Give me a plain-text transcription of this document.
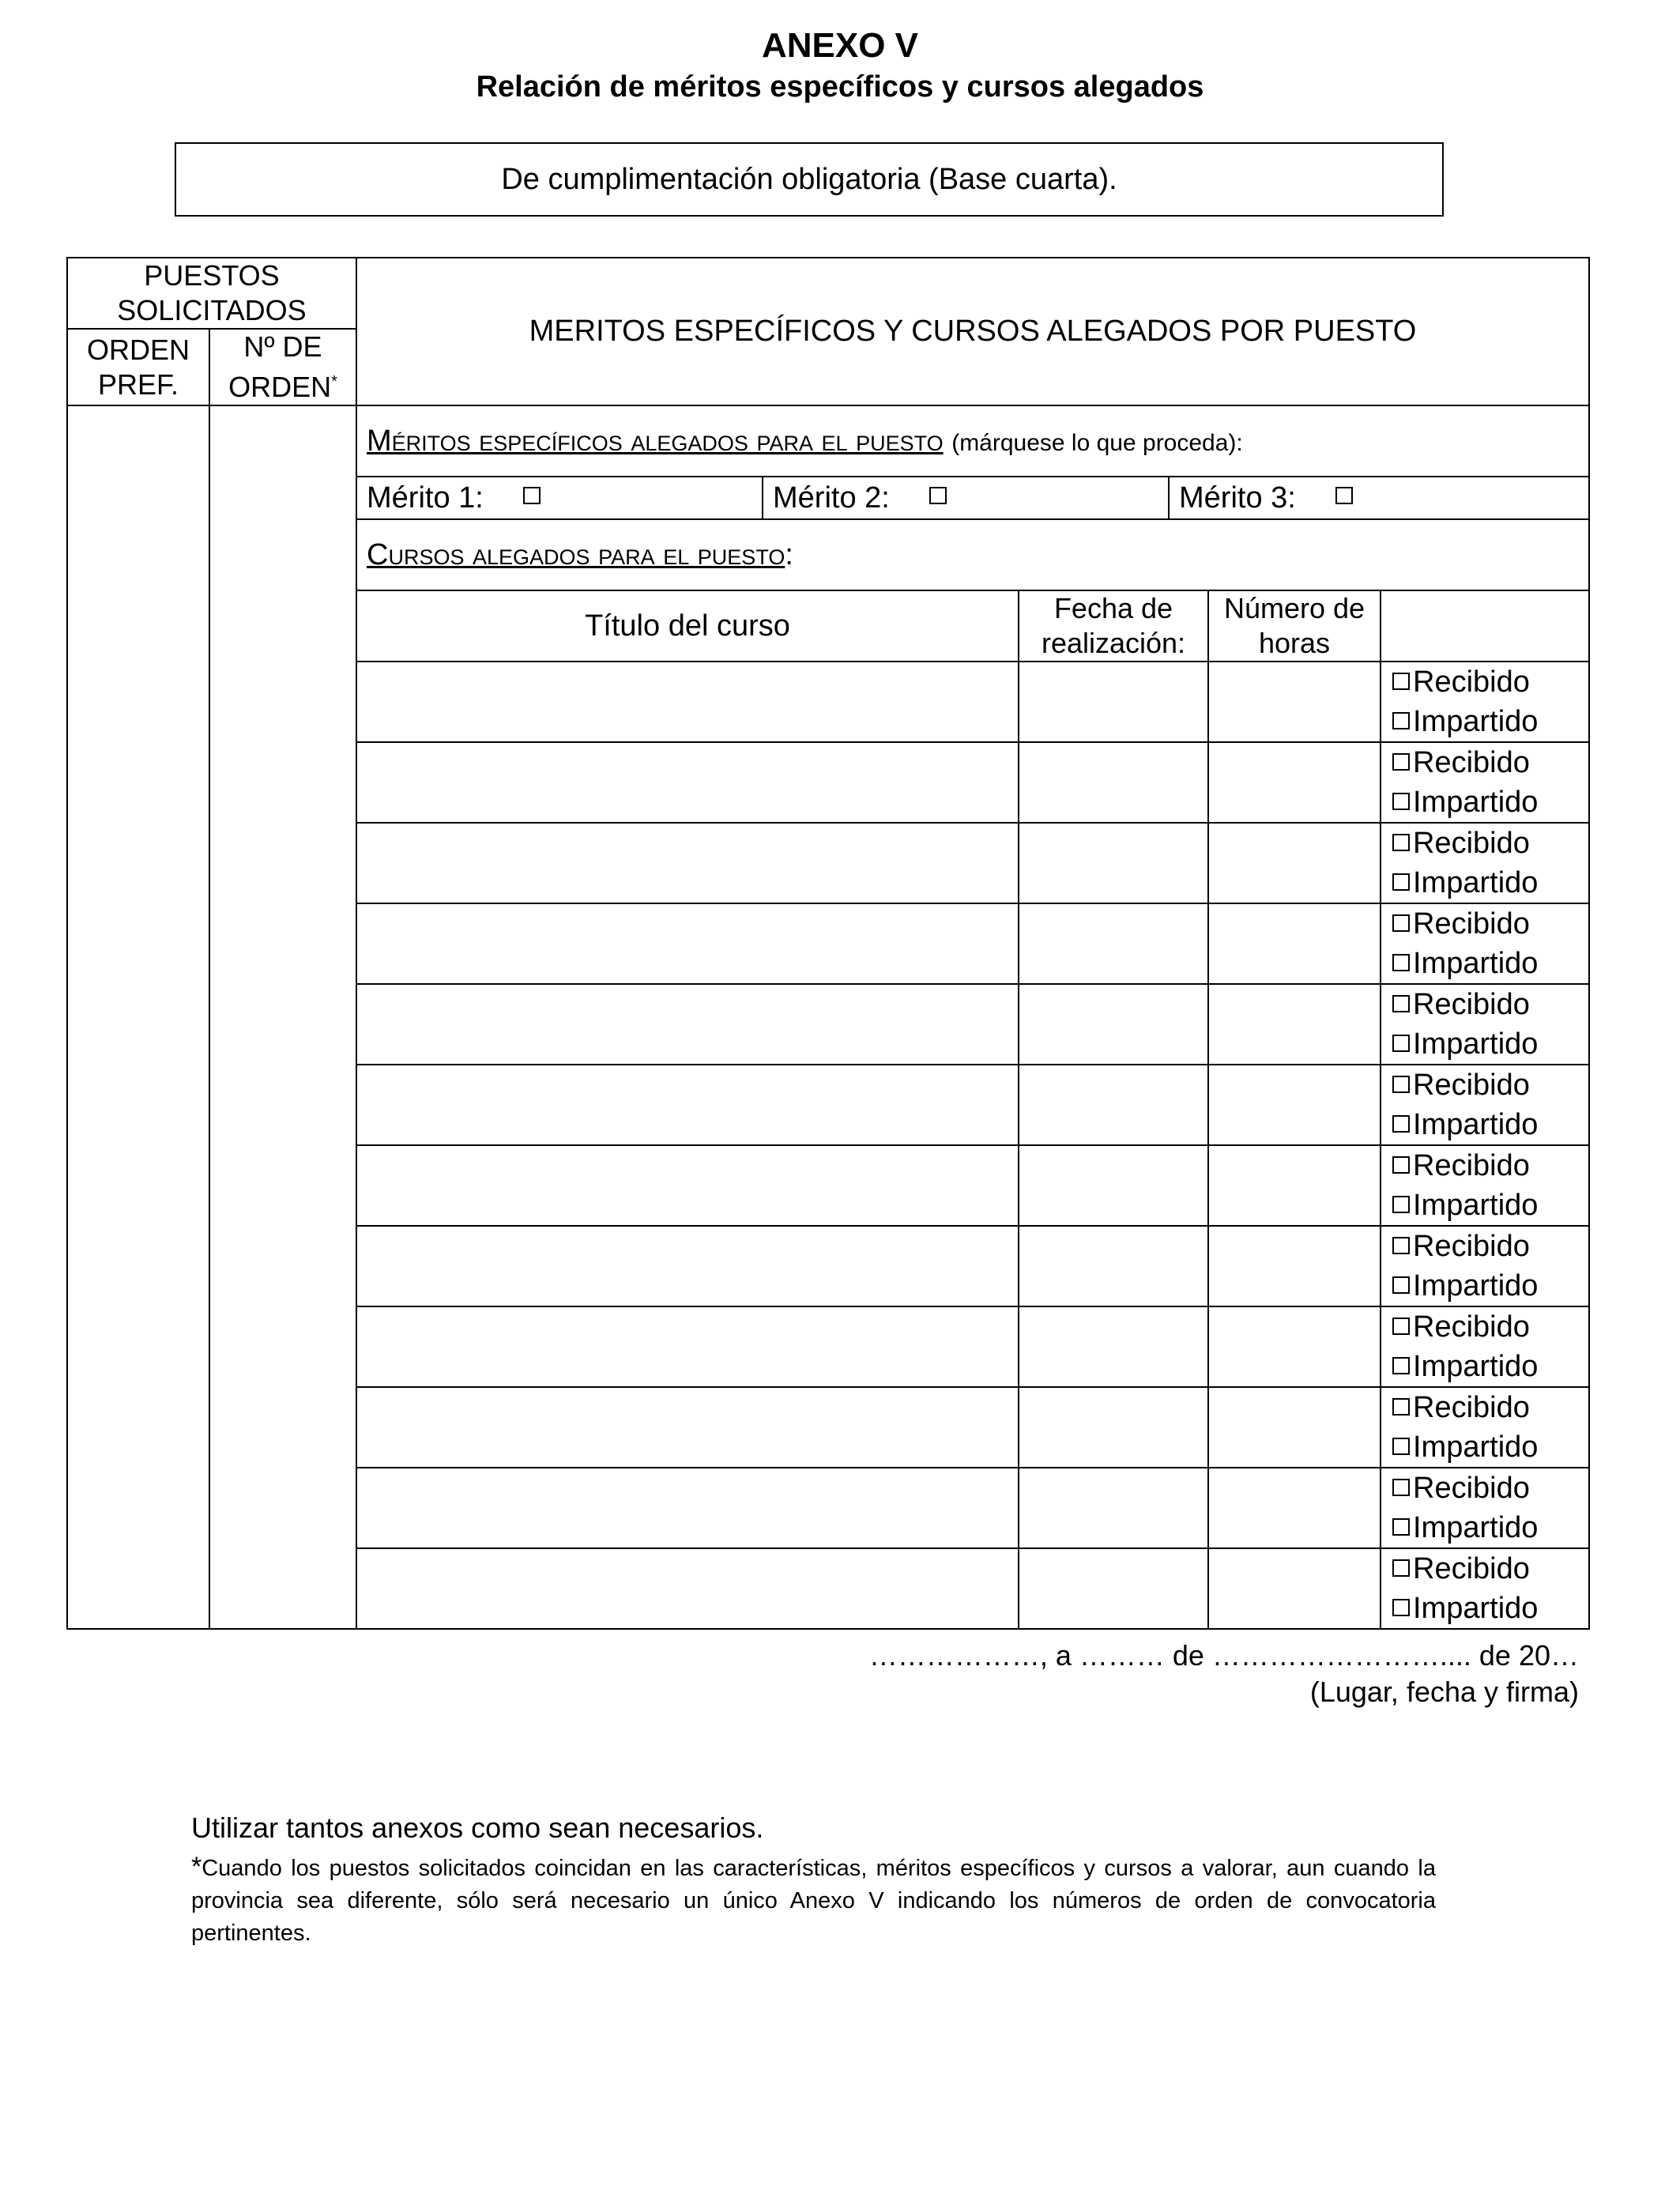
ANEXO V
Relación de méritos específicos y cursos alegados
De cumplimentación obligatoria (Base cuarta).
PUESTOS SOLICITADOS		MERITOS ESPECÍFICOS Y CURSOS ALEGADOS POR PUESTO			
ORDEN PREF.	Nº DE ORDEN*
		Méritos específicos alegados para el puesto (márquese lo que proceda):			

		Mérito 1: Mérito 2: Mérito 3:			

		Cursos alegados para el puesto:			
		Título del curso	Fecha de realización:	Número de horas	

					Recibido
Impartido

					Recibido
Impartido

					Recibido
Impartido

					Recibido
Impartido

					Recibido
Impartido

					Recibido
Impartido

					Recibido
Impartido

					Recibido
Impartido

					Recibido
Impartido

					Recibido
Impartido

					Recibido
Impartido

					Recibido
Impartido
………………, a ……… de …………………….... de 20…
(Lugar, fecha y firma)
Utilizar tantos anexos como sean necesarios.
*Cuando los puestos solicitados coincidan en las características, méritos específicos y cursos a valorar, aun cuando la provincia sea diferente, sólo será necesario un único Anexo V indicando los números de orden de convocatoria pertinentes.
